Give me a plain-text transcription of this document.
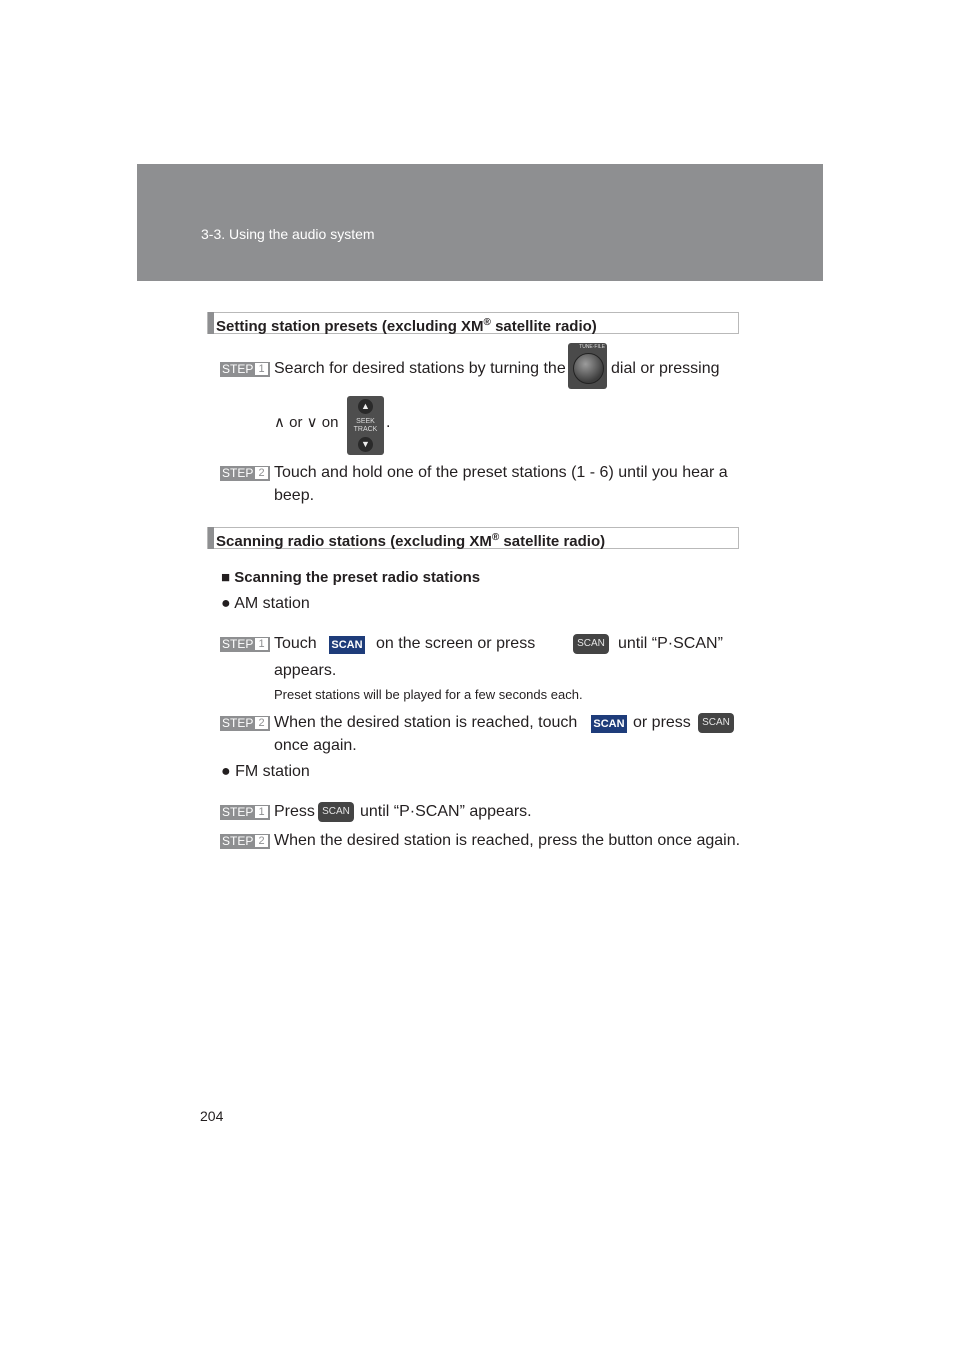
3-3. Using the audio system
Setting station presets (excluding XM® satellite radio)
STEP 1 Search for desired stations by turning the
TUNE·FILE
dial or pressing
∧ or ∨ on
▲
SEEK
TRACK
▼
.
STEP 2 Touch and hold one of the preset stations (1 - 6) until you hear a
beep.
Scanning radio stations (excluding XM® satellite radio)
■ Scanning the preset radio stations
● AM station
STEP 1 Touch SCAN on the screen or press	SCAN until “P·SCAN”
appears.
Preset stations will be played for a few seconds each.
STEP 2 When the desired station is reached, touch SCAN or press	SCAN
once again.
● FM station
STEP 1 Press SCAN until “P·SCAN” appears.
STEP 2 When the desired station is reached, press the button once again.
204
